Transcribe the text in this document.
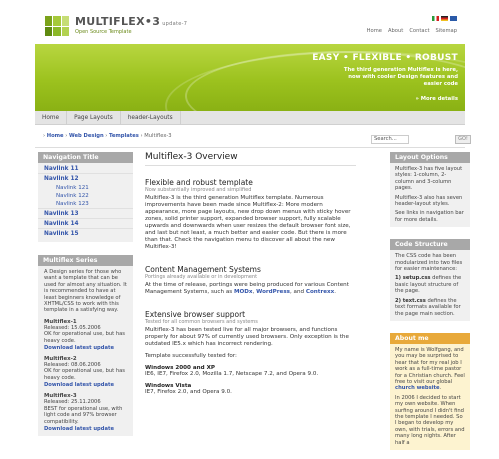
MULTIFLEX•3 update-7
Open Source Template	Home About Contact Sitemap
EASY • FLEXIBLE • ROBUST
The third generation Multiflex is here, now with cooler Design features and easier code
» More details
Home	Page Layouts	header-Layouts
› Home › Web Design › Templates › Multiflex-3	Search...	GO!
Navigation Title
Navlink 11
Navlink 12
Navlink 121
Navlink 122
Navlink 123
Navlink 13
Navlink 14
Navlink 15
Multiflex Series

A Design series for those who want a template that can be used for almost any situation. It is recommended to have at least beginners knowledge of XHTML/CSS to work with this template in a satisfying way.

Multiflex-1
Released: 15.05.2006
OK for operational use, but has heavy code.
Download latest update
Multiflex-2
Released: 08.06.2006
OK for operational use, but has heavy code.
Download latest update
Multiflex-3
Released: 25.11.2006
BEST for operational use, with light code and 97% browser compatibility.
Download latest update
Multiflex-3 Overview
Flexible and robust template
Now substantially improved and simplified

Multiflex-3 is the third generation Multiflex template. Numerous improvements have been made since Multiflex-2: More modern appearance, more page layouts, new drop down menus with sticky hover zones, solid printer support, expanded browser support, fully scalable upwards and downwards when user resizes the default browser font size, and last but not least, a much better and easier code. But there is more than that. Check the navigation menu to discover all about the new Multiflex-3!

Content Management Systems
Portings already available or in development

At the time of release, portings were being produced for various Content Management Systems, such as MODx, WordPress, and Contrexx.

Extensive browser support
Tested for all common browsers and systems

Multiflex-3 has been tested live for all major browsers, and functions properly for about 97% of currently used browsers. Only exception is the outdated IE5.x which has incorrect rendering.

Template successfully tested for:

Windows 2000 and XP

IE6, IE7, Firefox 2.0, Mozilla 1.7, Netscape 7.2, and Opera 9.0.

Windows Vista

IE7, Firefox 2.0, and Opera 9.0.

Layout Options

Multiflex-3 has five layout styles: 1-column, 2-column and 3-column pages.

Multiflex-3 also has seven header-layout styles.

See links in navigation bar for more details.

Code Structure

The CSS code has been modularized into two files for easier maintenance:

1) setup.css defines the basic layout structure of the page.

2) text.css defines the text formats available for the page main section.

About me

My name is Wolfgang, and you may be surprised to hear that for my real job I work as a full-time pastor for a Christian church. Feel free to visit our global church website.

In 2006 I decided to start my own website. When surfing around I didn't find the template I needed. So I began to develop my own, with trials, errors and many long nights. After half a
